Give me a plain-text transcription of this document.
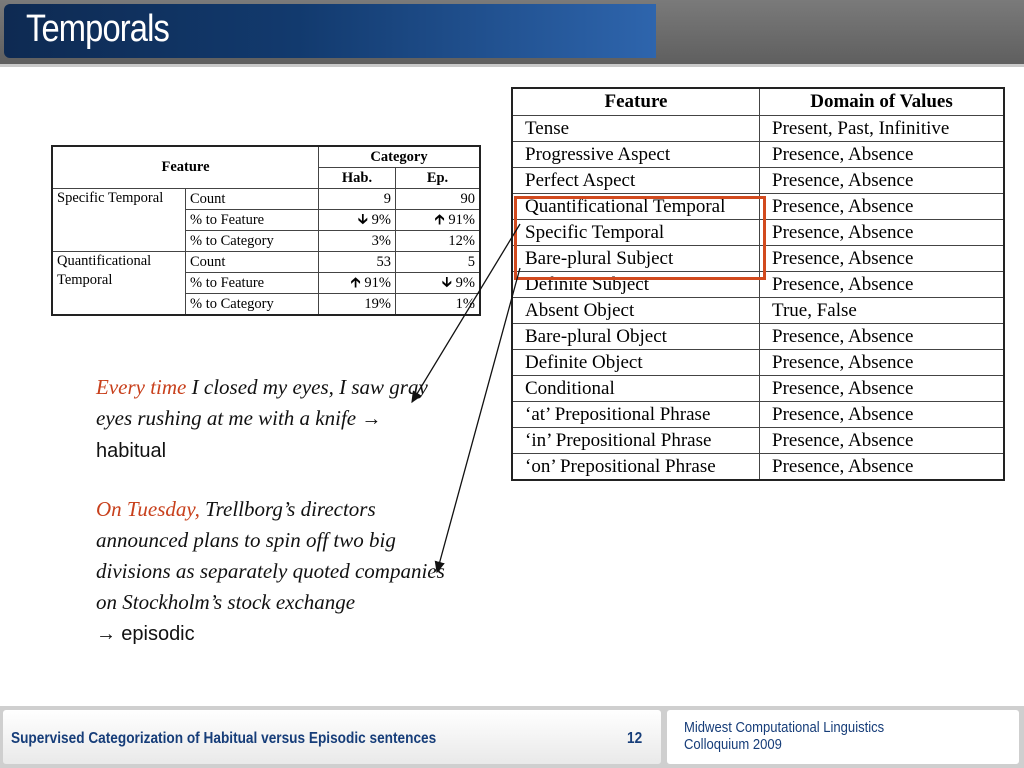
Temporals
Feature		Category	
		Hab.	Ep.
Specific Temporal	Count	9	90
	% to Feature	🡳 9%	🡱 91%
	% to Category	3%	12%
Quantificational Temporal	Count	53	5
	% to Feature	🡱 91%	🡳 9%
	% to Category	19%	1%
Feature	Domain of Values
Tense	Present, Past, Infinitive
Progressive Aspect	Presence, Absence
Perfect Aspect	Presence, Absence
Quantificational Temporal	Presence, Absence
Specific Temporal	Presence, Absence
Bare-plural Subject	Presence, Absence
Definite Subject	Presence, Absence
Absent Object	True, False
Bare-plural Object	Presence, Absence
Definite Object	Presence, Absence
Conditional	Presence, Absence
‘at’ Prepositional Phrase	Presence, Absence
‘in’ Prepositional Phrase	Presence, Absence
‘on’ Prepositional Phrase	Presence, Absence
Every time I closed my eyes, I saw gray eyes rushing at me with a knife → habitual
On Tuesday, Trellborg’s directors announced plans to spin off two big divisions as separately quoted companies on Stockholm’s stock exchange
→ episodic
Supervised Categorization of Habitual versus Episodic sentences	12
Midwest Computational Linguistics
Colloquium 2009
